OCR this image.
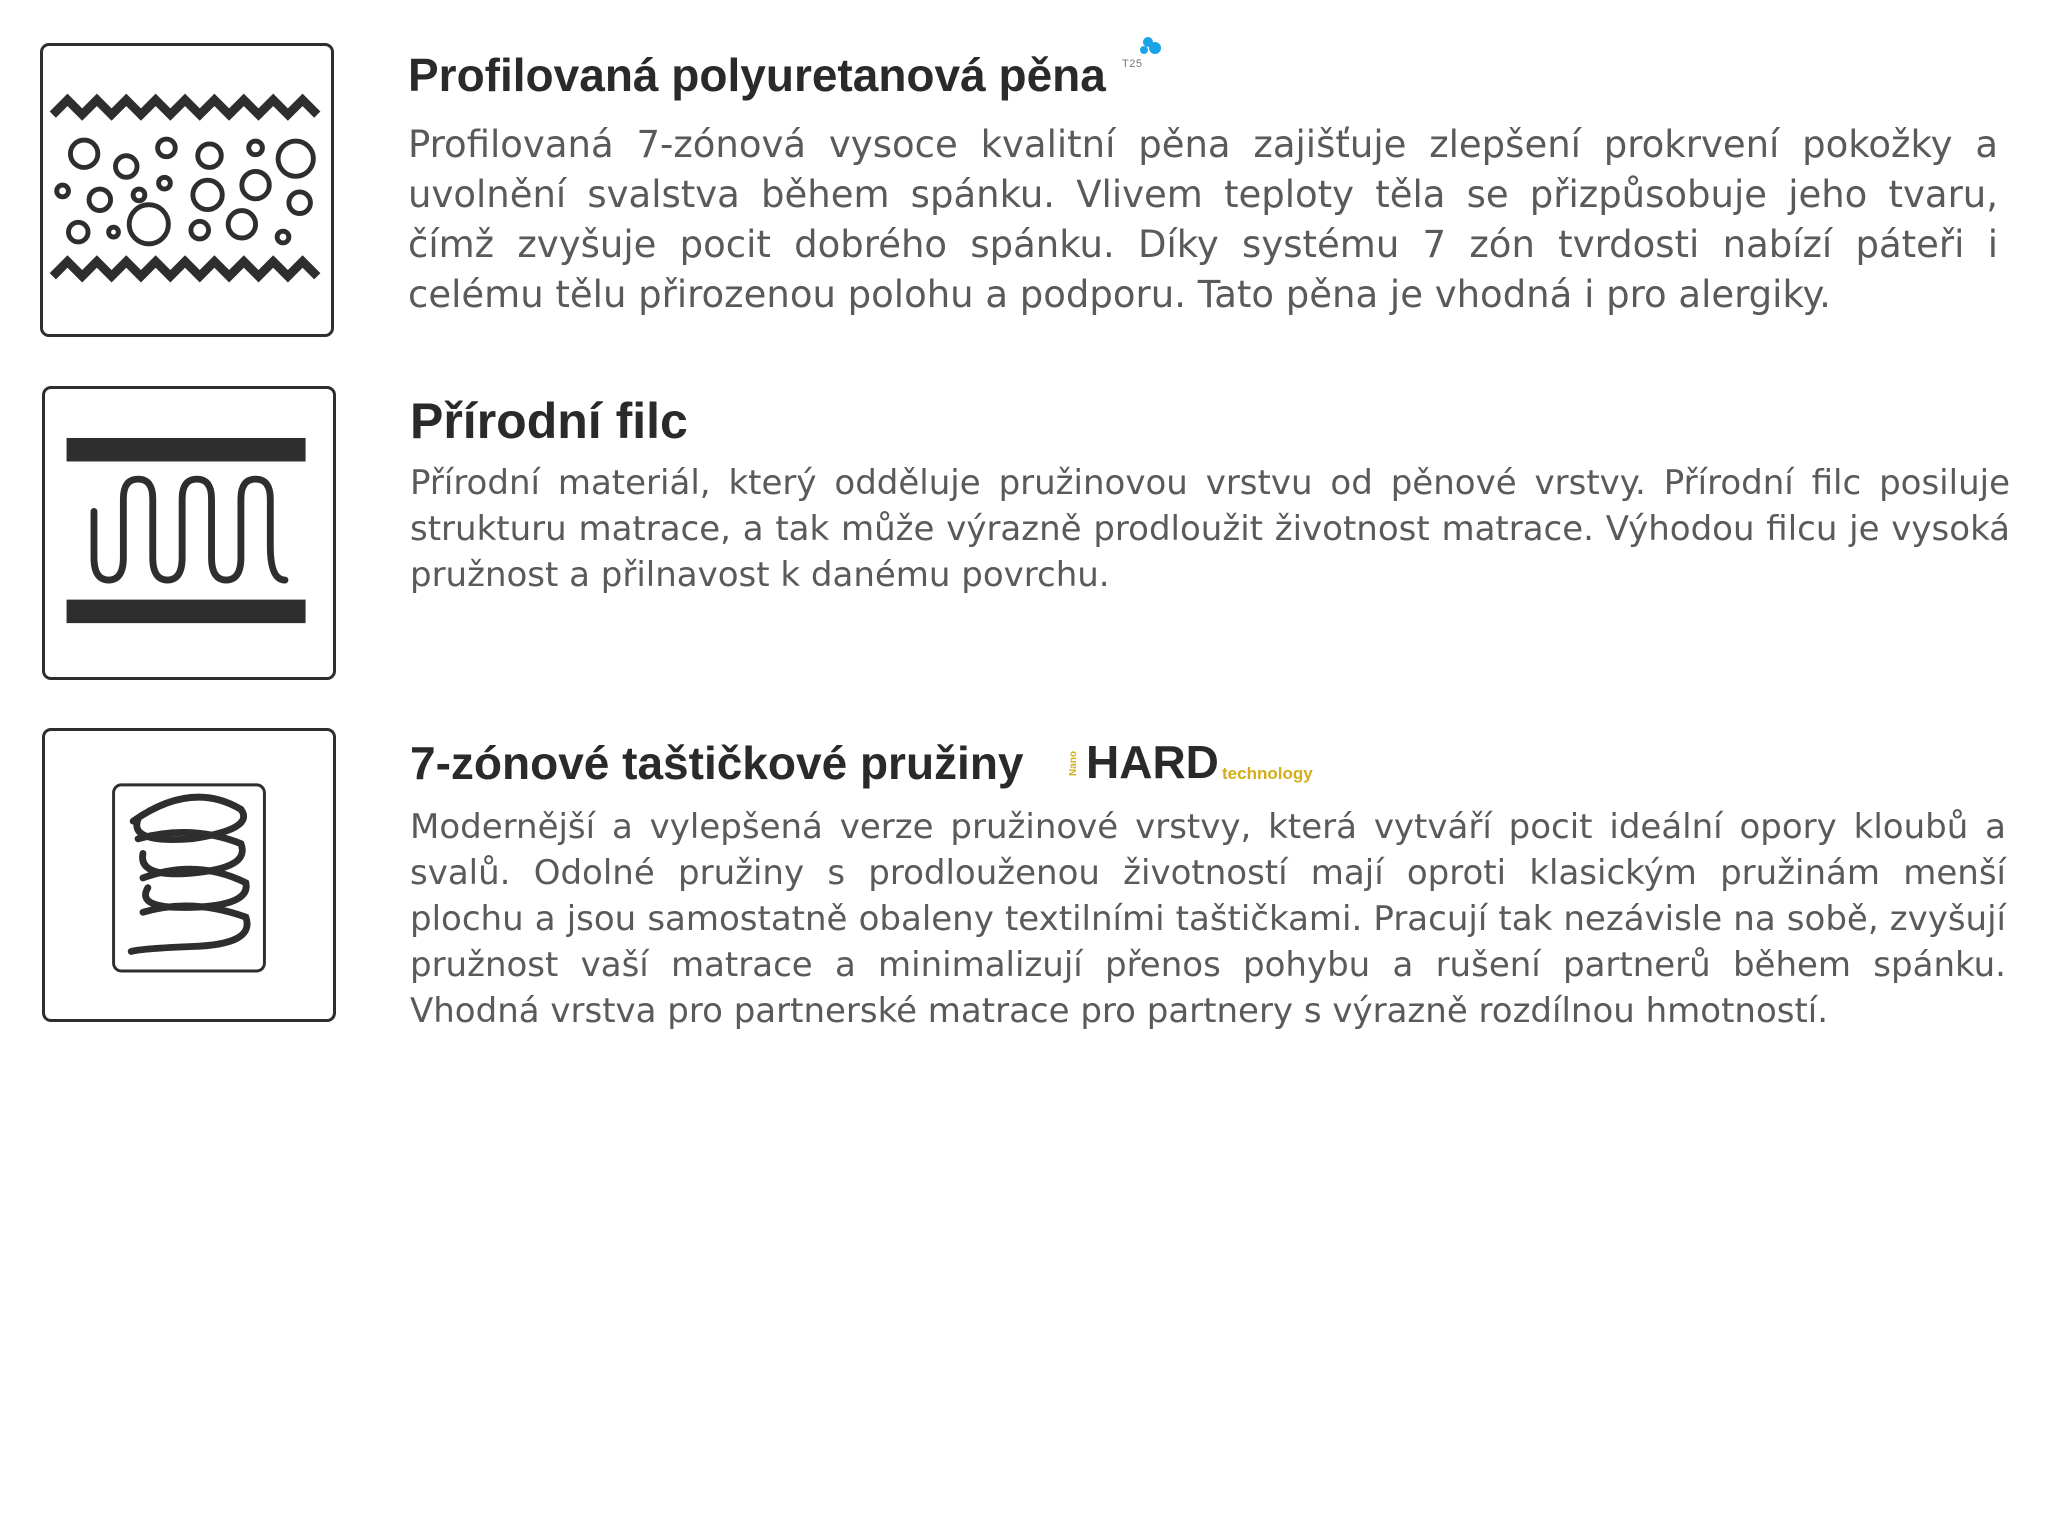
Profilovaná polyuretanová pěna T25

Profilovaná 7-zónová vysoce kvalitní pěna zajišťuje zlepšení prokrvení pokožky a uvolnění svalstva během spánku. Vlivem teploty těla se přizpůsobuje jeho tvaru, čímž zvyšuje pocit dobrého spánku. Díky systému 7 zón tvrdosti nabízí páteři i celému tělu přirozenou polohu a podporu. Tato pěna je vhodná i pro alergiky.

Přírodní filc

Přírodní materiál, který odděluje pružinovou vrstvu od pěnové vrstvy. Přírodní filc posiluje strukturu matrace, a tak může výrazně prodloužit životnost matrace. Výhodou filcu je vysoká pružnost a přilnavost k danému povrchu.

7-zónové taštičkové pružiny	Nano HARD technology

Modernější a vylepšená verze pružinové vrstvy, která vytváří pocit ideální opory kloubů a svalů. Odolné pružiny s prodlouženou životností mají oproti klasickým pružinám menší plochu a jsou samostatně obaleny textilními taštičkami. Pracují tak nezávisle na sobě, zvyšují pružnost vaší matrace a minimalizují přenos pohybu a rušení partnerů během spánku. Vhodná vrstva pro partnerské matrace pro partnery s výrazně rozdílnou hmotností.
